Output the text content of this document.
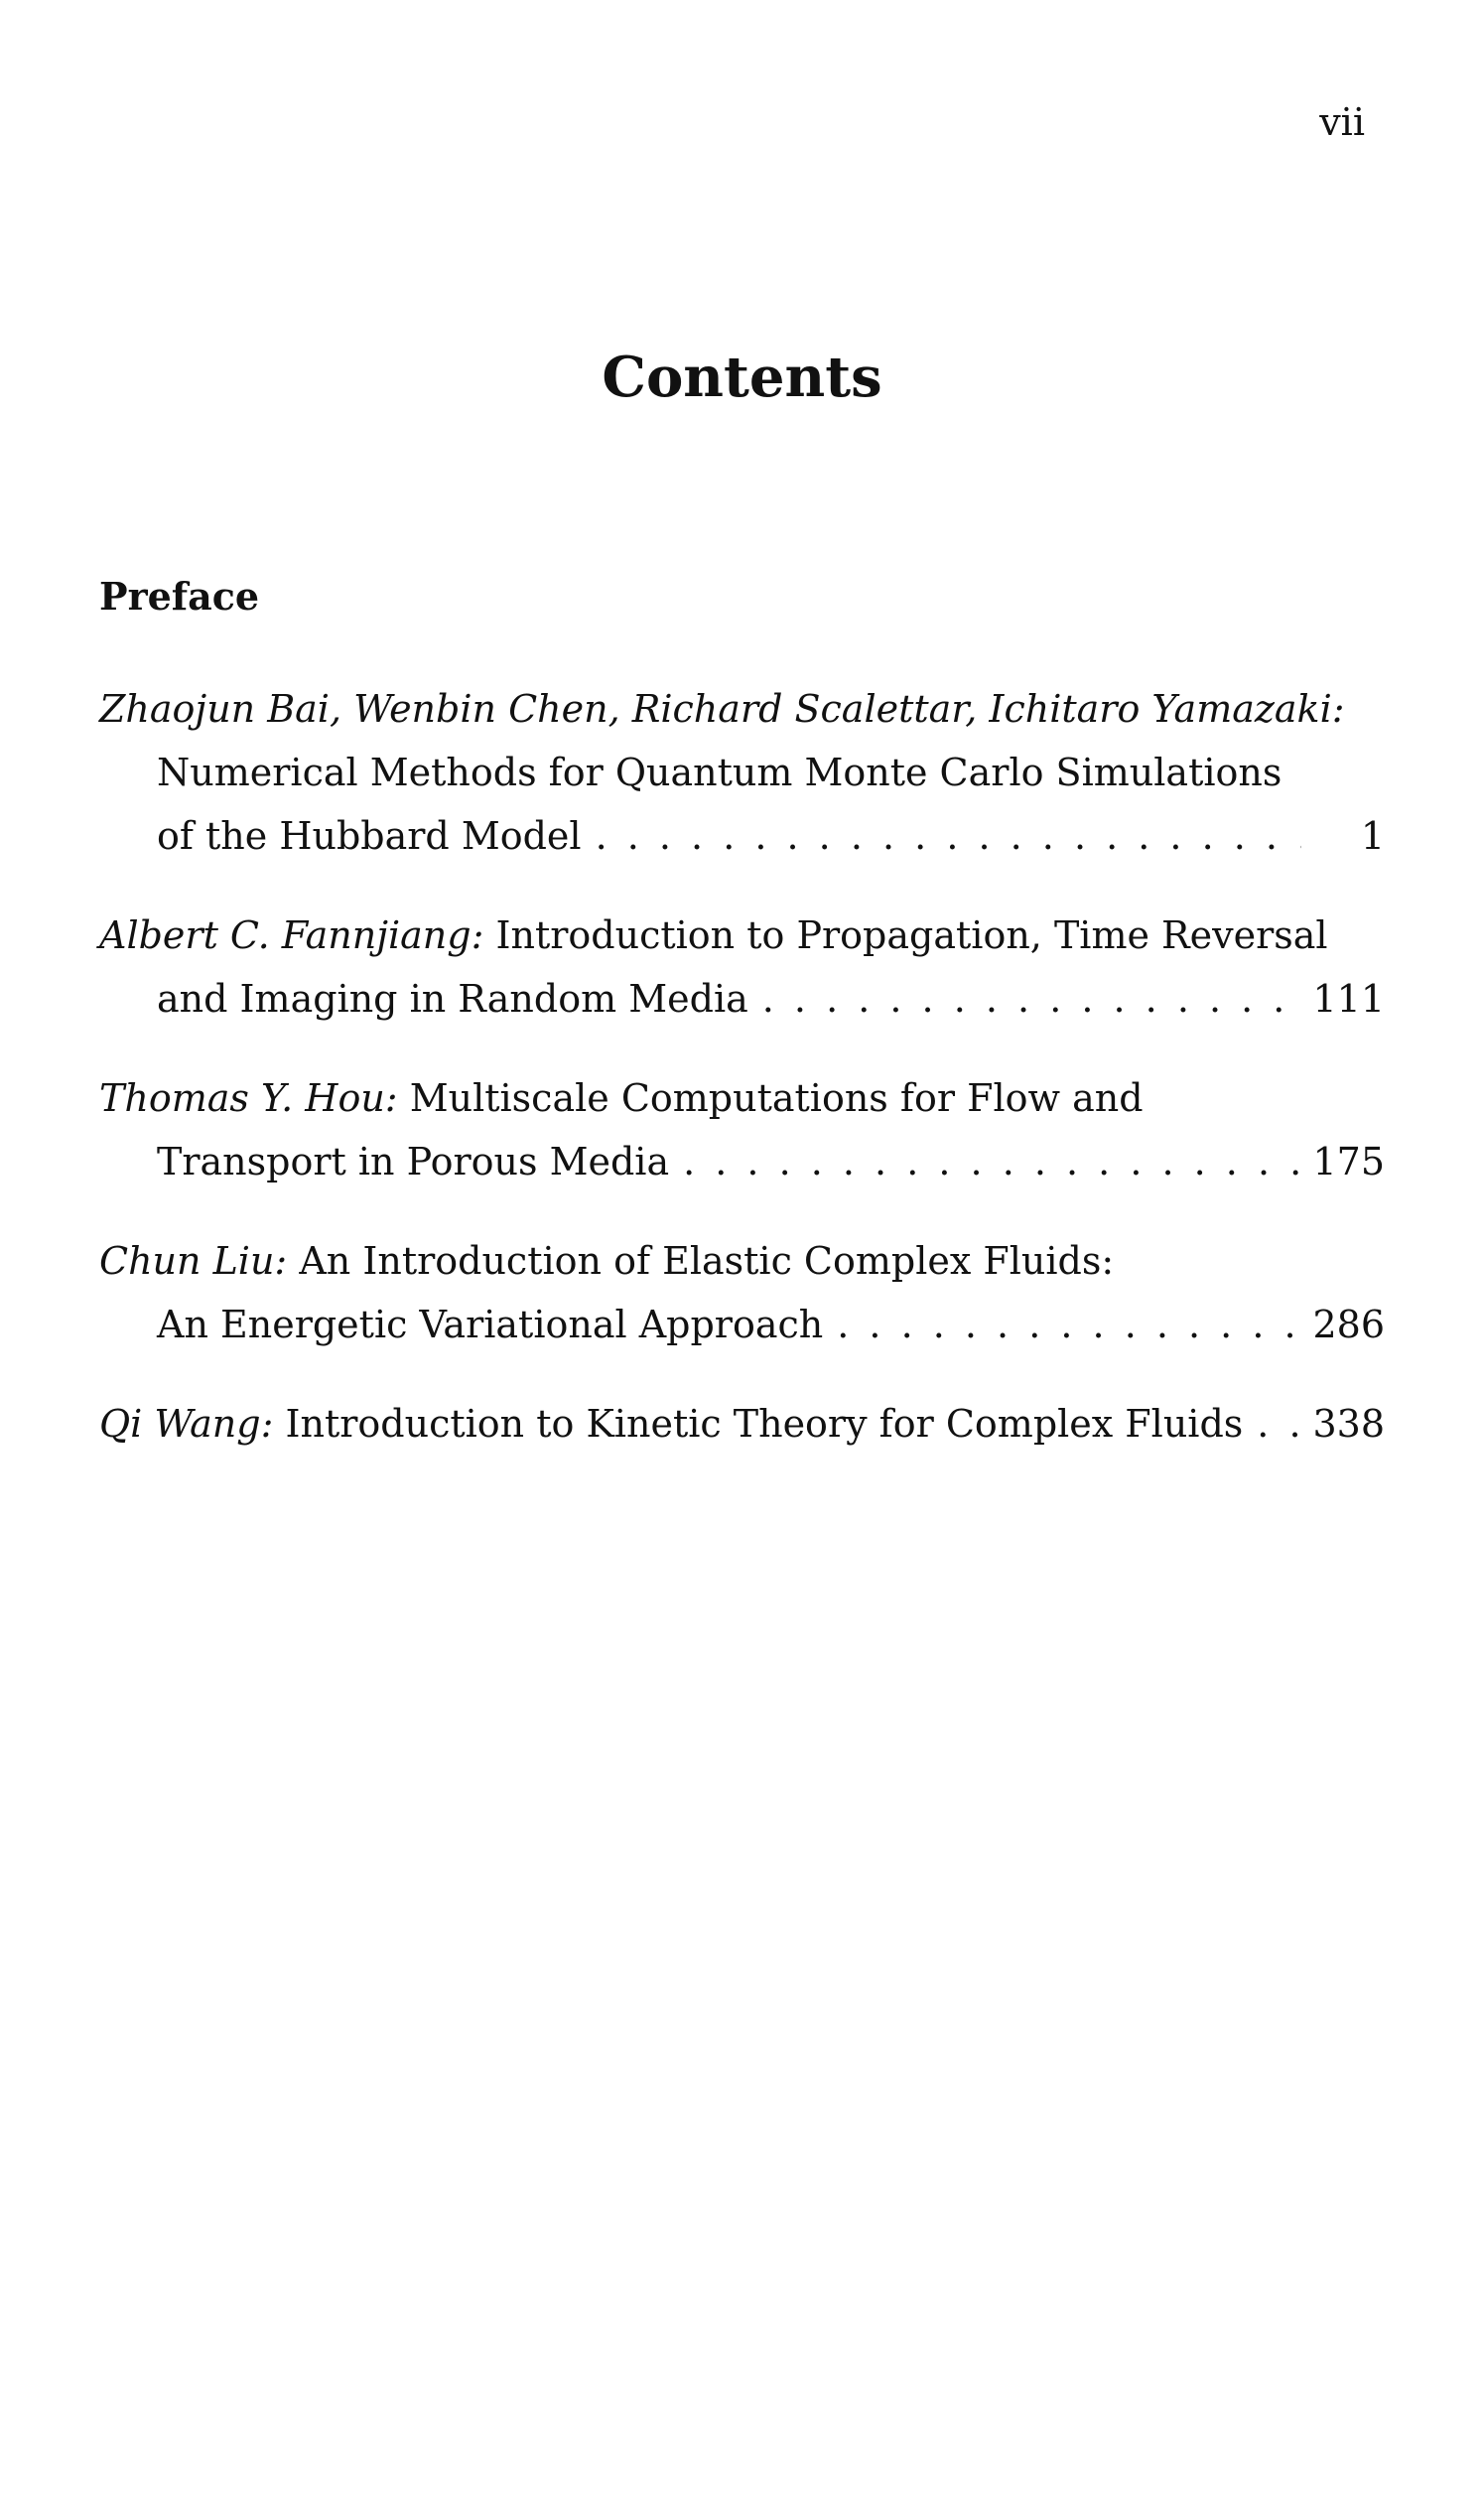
vii
Contents
Preface
Zhaojun Bai, Wenbin Chen, Richard Scalettar, Ichitaro Yamazaki:
Numerical Methods for Quantum Monte Carlo Simulations
of the Hubbard Model . . .	1
Albert C. Fannjiang: Introduction to Propagation, Time Reversal
and Imaging in Random Media . . .	111
Thomas Y. Hou: Multiscale Computations for Flow and
Transport in Porous Media . . .	175
Chun Liu: An Introduction of Elastic Complex Fluids:
An Energetic Variational Approach . . .	286
Qi Wang: Introduction to Kinetic Theory for Complex Fluids . . . 338
